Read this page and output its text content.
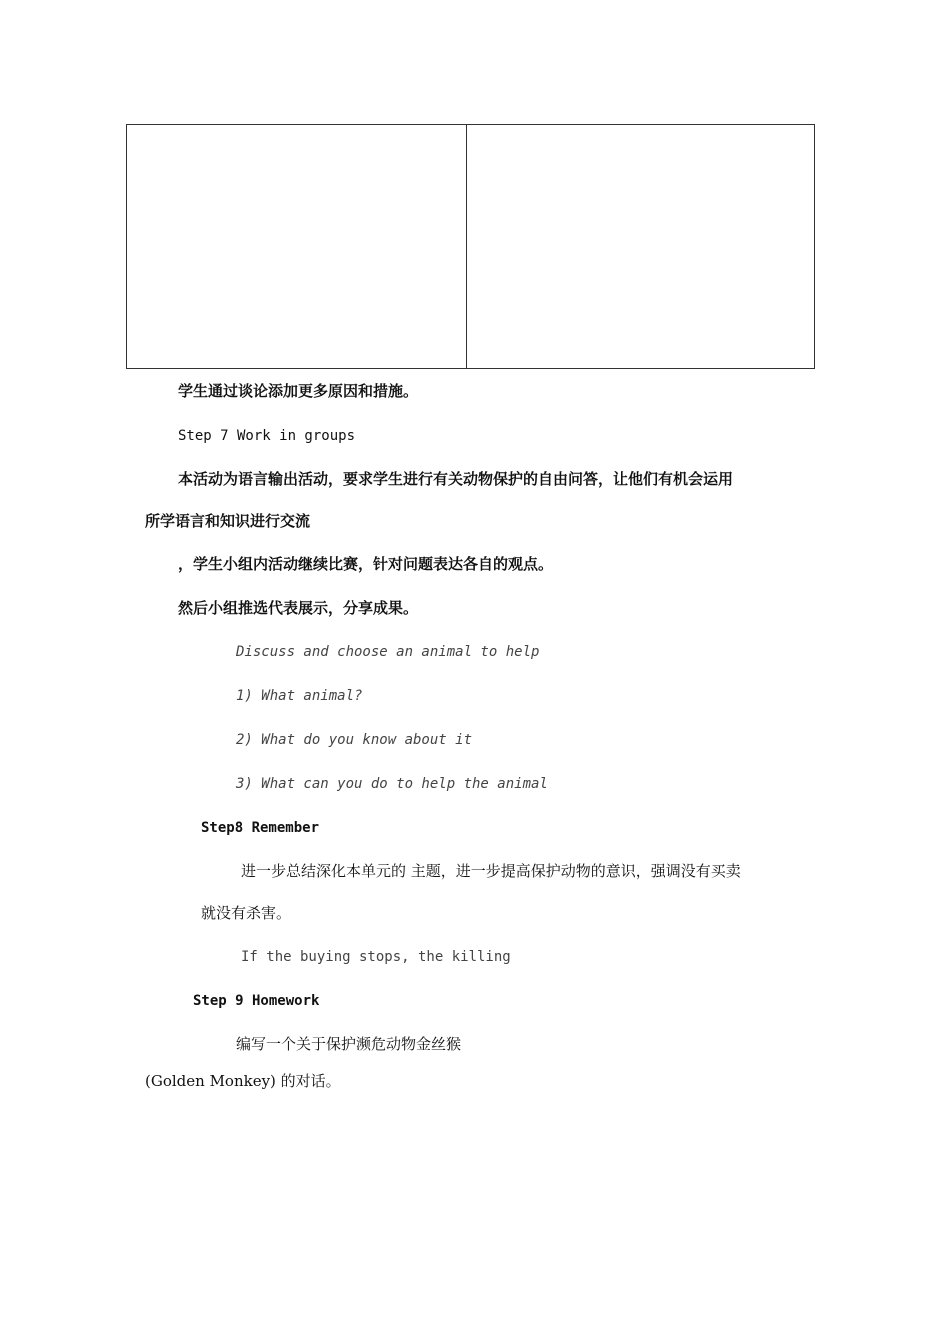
学生通过谈论添加更多原因和措施。
Step 7 Work in groups
本活动为语言输出活动，要求学生进行有关动物保护的自由问答，让他们有机会运用
所学语言和知识进行交流
，学生小组内活动继续比赛，针对问题表达各自的观点。
然后小组推选代表展示，分享成果。
Discuss and choose an animal to help
1) What animal?
2) What do you know about it
3) What can you do to help the animal
Step8 Remember
进一步总结深化本单元的 主题，进一步提高保护动物的意识，强调没有买卖
就没有杀害。
If the buying stops, the killing
Step 9 Homework
编写一个关于保护濒危动物金丝猴
(Golden Monkey) 的对话。
